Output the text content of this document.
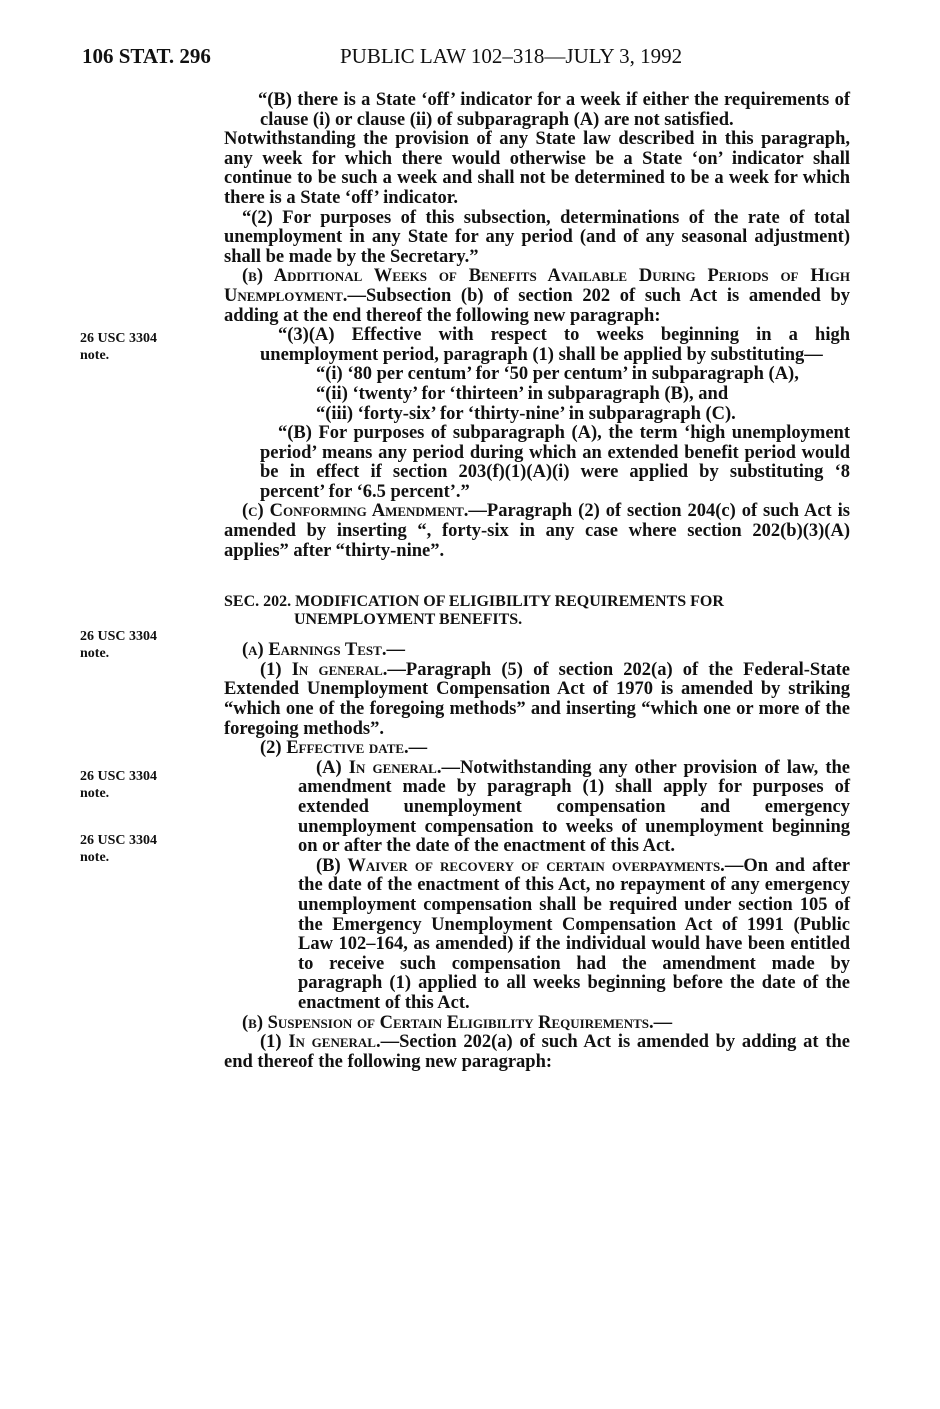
106 STAT. 296	PUBLIC LAW 102–318—JULY 3, 1992
26 USC 3304
note.
26 USC 3304
note.
26 USC 3304
note.
26 USC 3304
note.

“(B) there is a State ‘off’ indicator for a week if either the requirements of clause (i) or clause (ii) of subparagraph (A) are not satisfied.

Notwithstanding the provision of any State law described in this paragraph, any week for which there would otherwise be a State ‘on’ indicator shall continue to be such a week and shall not be determined to be a week for which there is a State ‘off’ indicator.

“(2) For purposes of this subsection, determinations of the rate of total unemployment in any State for any period (and of any seasonal adjustment) shall be made by the Secretary.”

(b) Additional Weeks of Benefits Available During Periods of High Unemployment.—Subsection (b) of section 202 of such Act is amended by adding at the end thereof the following new paragraph:

“(3)(A) Effective with respect to weeks beginning in a high unemployment period, paragraph (1) shall be applied by substituting—

“(i) ‘80 per centum’ for ‘50 per centum’ in subparagraph (A),

“(ii) ‘twenty’ for ‘thirteen’ in subparagraph (B), and

“(iii) ‘forty-six’ for ‘thirty-nine’ in subparagraph (C).

“(B) For purposes of subparagraph (A), the term ‘high unemployment period’ means any period during which an extended benefit period would be in effect if section 203(f)(1)(A)(i) were applied by substituting ‘8 percent’ for ‘6.5 percent’.”

(c) Conforming Amendment.—Paragraph (2) of section 204(c) of such Act is amended by inserting “, forty-six in any case where section 202(b)(3)(A) applies” after “thirty-nine”.

SEC. 202. MODIFICATION OF ELIGIBILITY REQUIREMENTS FOR
UNEMPLOYMENT BENEFITS.

(a) Earnings Test.—

(1) In general.—Paragraph (5) of section 202(a) of the Federal-State Extended Unemployment Compensation Act of 1970 is amended by striking “which one of the foregoing methods” and inserting “which one or more of the foregoing methods”.

(2) Effective date.—

(A) In general.—Notwithstanding any other provision of law, the amendment made by paragraph (1) shall apply for purposes of extended unemployment compensation and emergency unemployment compensation to weeks of unemployment beginning on or after the date of the enactment of this Act.

(B) Waiver of recovery of certain overpayments.—On and after the date of the enactment of this Act, no repayment of any emergency unemployment compensation shall be required under section 105 of the Emergency Unemployment Compensation Act of 1991 (Public Law 102–164, as amended) if the individual would have been entitled to receive such compensation had the amendment made by paragraph (1) applied to all weeks beginning before the date of the enactment of this Act.

(b) Suspension of Certain Eligibility Requirements.—

(1) In general.—Section 202(a) of such Act is amended by adding at the end thereof the following new paragraph:
